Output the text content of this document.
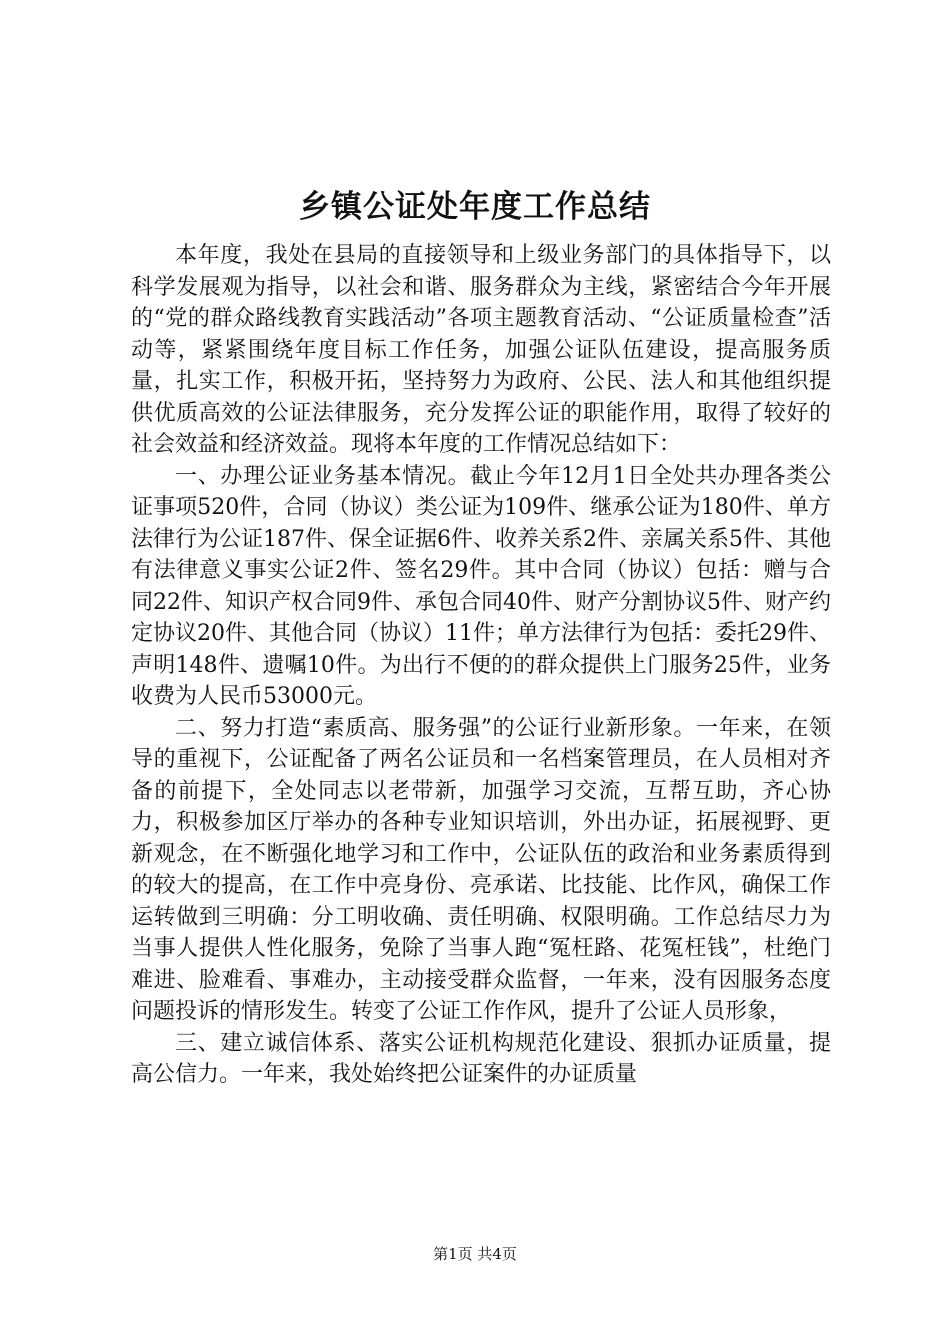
乡镇公证处年度工作总结

本年度，我处在县局的直接领导和上级业务部门的具体指导下，以科学发展观为指导，以社会和谐、服务群众为主线，紧密结合今年开展的“党的群众路线教育实践活动”各项主题教育活动、“公证质量检查”活动等，紧紧围绕年度目标工作任务，加强公证队伍建设，提高服务质量，扎实工作，积极开拓，坚持努力为政府、公民、法人和其他组织提供优质高效的公证法律服务，充分发挥公证的职能作用，取得了较好的社会效益和经济效益。现将本年度的工作情况总结如下：

一、办理公证业务基本情况。截止今年12月1日全处共办理各类公证事项520件，合同（协议）类公证为109件、继承公证为180件、单方法律行为公证187件、保全证据6件、收养关系2件、亲属关系5件、其他有法律意义事实公证2件、签名29件。其中合同（协议）包括：赠与合同22件、知识产权合同9件、承包合同40件、财产分割协议5件、财产约定协议20件、其他合同（协议）11件；单方法律行为包括：委托29件、声明148件、遗嘱10件。为出行不便的的群众提供上门服务25件，业务收费为人民币53000元。

二、努力打造“素质高、服务强”的公证行业新形象。一年来，在领导的重视下，公证配备了两名公证员和一名档案管理员，在人员相对齐备的前提下，全处同志以老带新，加强学习交流，互帮互助，齐心协力，积极参加区厅举办的各种专业知识培训，外出办证，拓展视野、更新观念，在不断强化地学习和工作中，公证队伍的政治和业务素质得到的较大的提高，在工作中亮身份、亮承诺、比技能、比作风，确保工作运转做到三明确：分工明收确、责任明确、权限明确。工作总结尽力为当事人提供人性化服务，免除了当事人跑“冤枉路、花冤枉钱”，杜绝门难进、脸难看、事难办，主动接受群众监督，一年来，没有因服务态度问题投诉的情形发生。转变了公证工作作风，提升了公证人员形象，

三、建立诚信体系、落实公证机构规范化建设、狠抓办证质量，提高公信力。一年来，我处始终把公证案件的办证质量

第1页 共4页
